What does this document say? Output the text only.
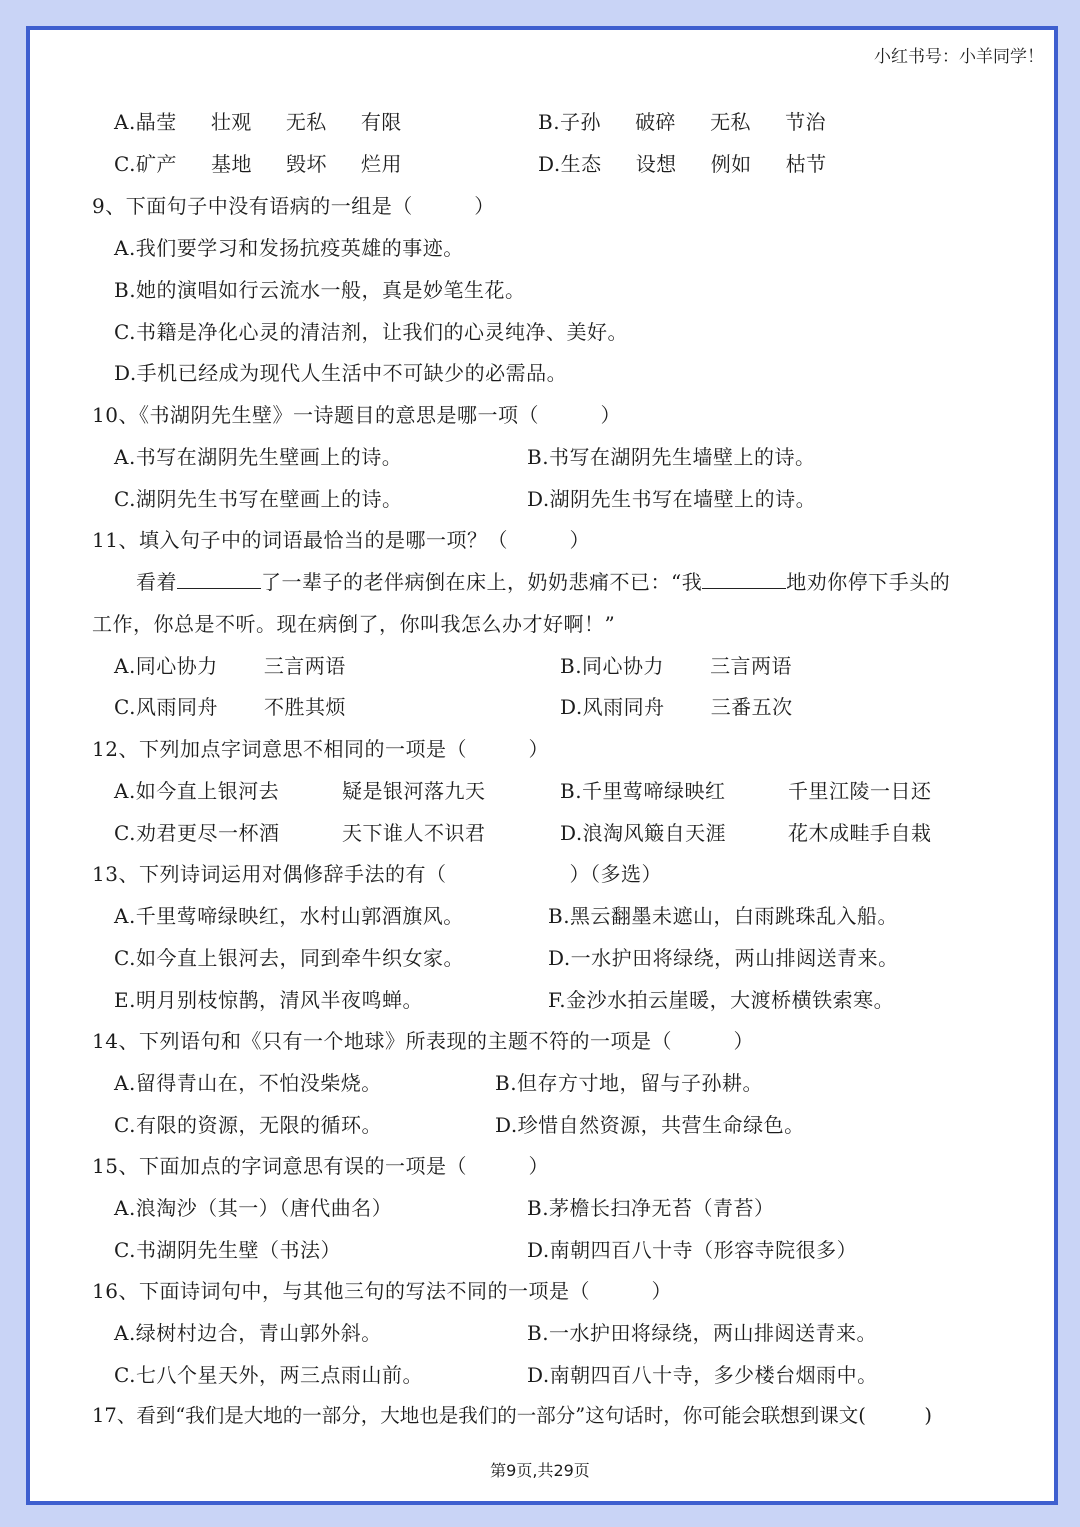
小红书号：小羊同学！
A.晶莹 壮观 无私 有限	B.子孙 破碎 无私 节治
C.矿产 基地 毁坏 烂用	D.生态 设想 例如 枯节
9、下面句子中没有语病的一组是（　　　）
A.我们要学习和发扬抗疫英雄的事迹。
B.她的演唱如行云流水一般，真是妙笔生花。
C.书籍是净化心灵的清洁剂，让我们的心灵纯净、美好。
D.手机已经成为现代人生活中不可缺少的必需品。
10、《书湖阴先生壁》一诗题目的意思是哪一项（　　　）
A.书写在湖阴先生壁画上的诗。	B.书写在湖阴先生墙壁上的诗。
C.湖阴先生书写在壁画上的诗。	D.湖阴先生书写在墙壁上的诗。
11、填入句子中的词语最恰当的是哪一项？（　　　）
看着	了一辈子的老伴病倒在床上，奶奶悲痛不已：“我	地劝你停下手头的
工作，你总是不听。现在病倒了，你叫我怎么办才好啊！”
A.同心协力 三言两语	B.同心协力 三言两语
C.风雨同舟 不胜其烦	D.风雨同舟 三番五次
12、下列加点字词意思不相同的一项是（　　　）
A.如今直上银河去	疑是银河落九天	B.千里莺啼绿映红	千里江陵一日还
C.劝君更尽一杯酒	天下谁人不识君	D.浪淘风簸自天涯	花木成畦手自栽
13、下列诗词运用对偶修辞手法的有（　　　　　　）（多选）
A.千里莺啼绿映红，水村山郭酒旗风。	B.黑云翻墨未遮山，白雨跳珠乱入船。
C.如今直上银河去，同到牵牛织女家。	D.一水护田将绿绕，两山排闼送青来。
E.明月别枝惊鹊，清风半夜鸣蝉。	F.金沙水拍云崖暖，大渡桥横铁索寒。
14、下列语句和《只有一个地球》所表现的主题不符的一项是（　　　）
A.留得青山在，不怕没柴烧。	B.但存方寸地，留与子孙耕。
C.有限的资源，无限的循环。	D.珍惜自然资源，共营生命绿色。
15、下面加点的字词意思有误的一项是（　　　）
A.浪淘沙（其一）（唐代曲名）	B.茅檐长扫净无苔（青苔）
C.书湖阴先生壁（书法）	D.南朝四百八十寺（形容寺院很多）
16、下面诗词句中，与其他三句的写法不同的一项是（　　　）
A.绿树村边合，青山郭外斜。	B.一水护田将绿绕，两山排闼送青来。
C.七八个星天外，两三点雨山前。	D.南朝四百八十寺，多少楼台烟雨中。
17、看到“我们是大地的一部分，大地也是我们的一部分”这句话时，你可能会联想到课文(　　　)
第9页,共29页
